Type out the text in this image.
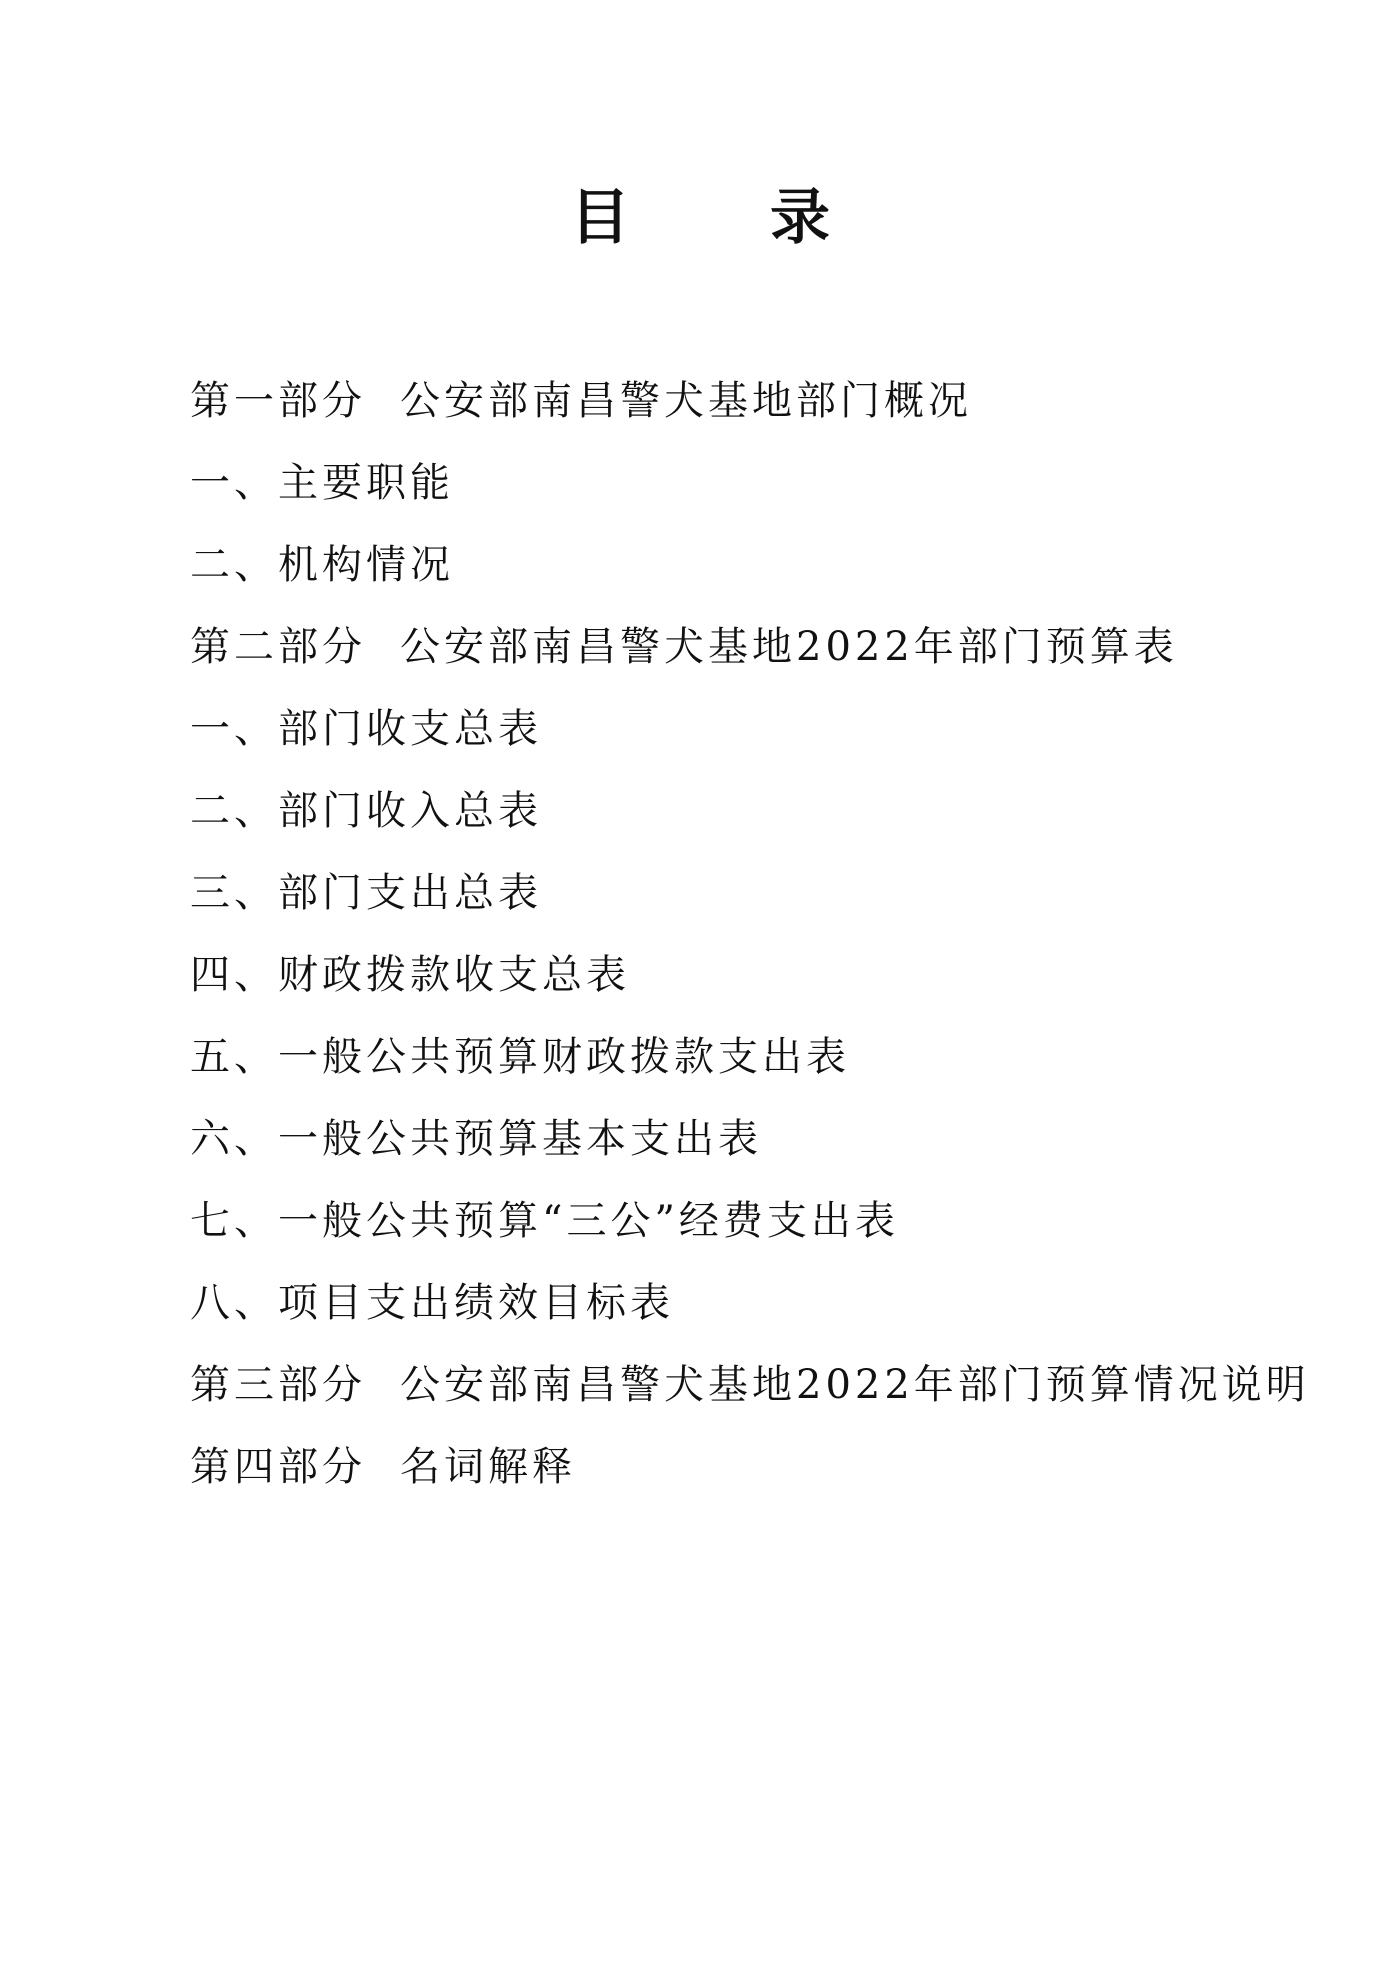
目 录
第一部分 公安部南昌警犬基地部门概况
一、主要职能
二、机构情况
第二部分 公安部南昌警犬基地2022年部门预算表
一、部门收支总表
二、部门收入总表
三、部门支出总表
四、财政拨款收支总表
五、一般公共预算财政拨款支出表
六、一般公共预算基本支出表
七、一般公共预算“三公”经费支出表
八、项目支出绩效目标表
第三部分 公安部南昌警犬基地2022年部门预算情况说明
第四部分 名词解释
